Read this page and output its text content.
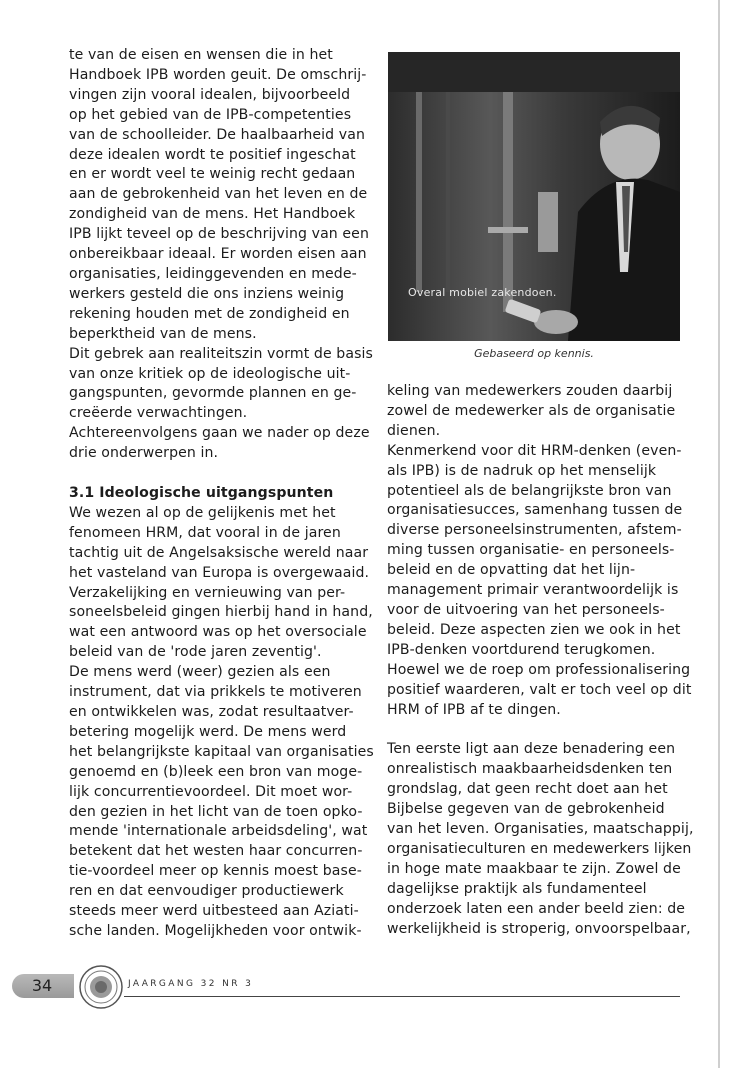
te van de eisen en wensen die in het

Handboek IPB worden geuit. De omschrij-

vingen zijn vooral idealen, bijvoorbeeld

op het gebied van de IPB-competenties

van de schoolleider. De haalbaarheid van

deze idealen wordt te positief ingeschat

en er wordt veel te weinig recht gedaan

aan de gebrokenheid van het leven en de

zondigheid van de mens. Het Handboek

IPB lijkt teveel op de beschrijving van een

onbereikbaar ideaal. Er worden eisen aan

organisaties, leidinggevenden en mede-

werkers gesteld die ons inziens weinig

rekening houden met de zondigheid en

beperktheid van de mens.

Dit gebrek aan realiteitszin vormt de basis

van onze kritiek op de ideologische uit-

gangspunten, gevormde plannen en ge-

creëerde verwachtingen.

Achtereenvolgens gaan we nader op deze

drie onderwerpen in.

3.1 Ideologische uitgangspunten

We wezen al op de gelijkenis met het

fenomeen HRM, dat vooral in de jaren

tachtig uit de Angelsaksische wereld naar

het vasteland van Europa is overgewaaid.

Verzakelijking en vernieuwing van per-

soneelsbeleid gingen hierbij hand in hand,

wat een antwoord was op het oversociale

beleid van de 'rode jaren zeventig'.

De mens werd (weer) gezien als een

instrument, dat via prikkels te motiveren

en ontwikkelen was, zodat resultaatver-

betering mogelijk werd. De mens werd

het belangrijkste kapitaal van organisaties

genoemd en (b)leek een bron van moge-

lijk concurrentievoordeel. Dit moet wor-

den gezien in het licht van de toen opko-

mende 'internationale arbeidsdeling', wat

betekent dat het westen haar concurren-

tie-voordeel meer op kennis moest base-

ren en dat eenvoudiger productiewerk

steeds meer werd uitbesteed aan Aziati-

sche landen. Mogelijkheden voor ontwik-

Overal mobiel zakendoen.
Gebaseerd op kennis.

keling van medewerkers zouden daarbij

zowel de medewerker als de organisatie

dienen.

Kenmerkend voor dit HRM-denken (even-

als IPB) is de nadruk op het menselijk

potentieel als de belangrijkste bron van

organisatiesucces, samenhang tussen de

diverse personeelsinstrumenten, afstem-

ming tussen organisatie- en personeels-

beleid en de opvatting dat het lijn-

management primair verantwoordelijk is

voor de uitvoering van het personeels-

beleid. Deze aspecten zien we ook in het

IPB-denken voortdurend terugkomen.

Hoewel we de roep om professionalisering

positief waarderen, valt er toch veel op dit

HRM of IPB af te dingen.

Ten eerste ligt aan deze benadering een

onrealistisch maakbaarheidsdenken ten

grondslag, dat geen recht doet aan het

Bijbelse gegeven van de gebrokenheid

van het leven. Organisaties, maatschappij,

organisatieculturen en medewerkers lijken

in hoge mate maakbaar te zijn. Zowel de

dagelijkse praktijk als fundamenteel

onderzoek laten een ander beeld zien: de

werkelijkheid is stroperig, onvoorspelbaar,

34	JAARGANG 32 NR 3
